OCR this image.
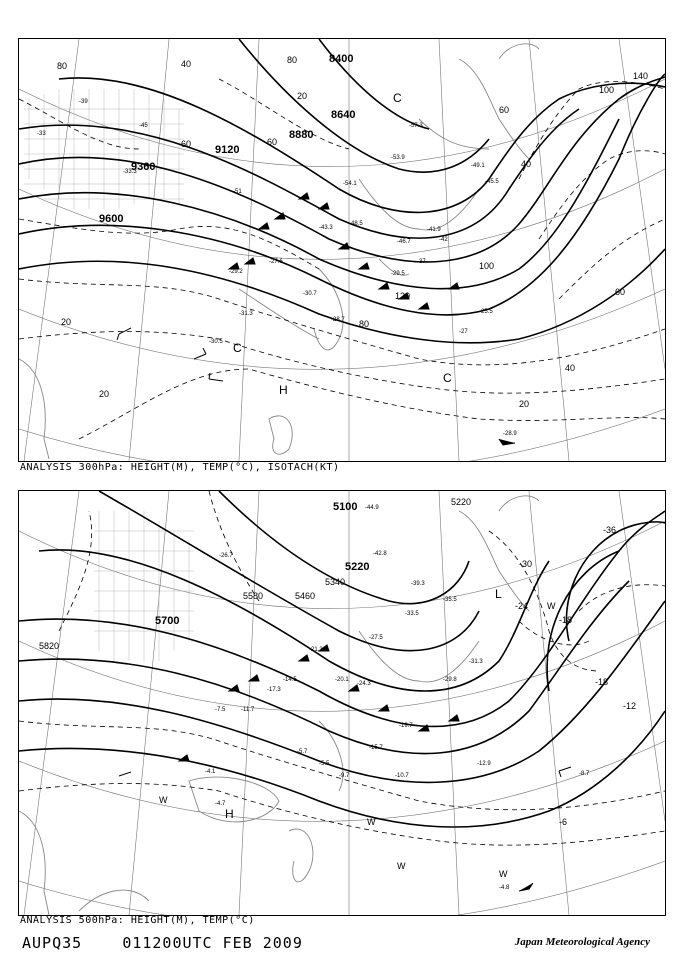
8400
8640
8880
9120
9360
9600
80
80
40
60	60
20
40
60
100
140
60
40
20
20
20
80
120
100
-33
-45
-51
-39
-57.3
-54.1
-53.9
-49.1
-48.5
-46.7
-45.5
-43.3
-42
-41.9
-37
-30.7
-29.5
-28.9
-28.7
-25.5
-31.3
-30.5
-29.2
-27
-27.6
-33.3
C
C
C
H
ANALYSIS 300hPa: HEIGHT(M), TEMP(°C), ISOTACH(KT)
5100
5220
5220
5340
5460
5580
5700
5820
-36
-30
-24
-18
-18
-12
-6
-44.9
-42.8
-39.3
-35.5
-33.5
-31.3
-29.8
-27.5
-26.7
-24.3
-21.3
-20.1
-19.7
-17.3
-15.7
-14.5
-12.9
-11.7
-10.7
-9.7	-8.7
-7.5
-5.7
-5.5
-4.8
-4.7
-4.1
L
H
W
W
W
W
W
ANALYSIS 500hPa: HEIGHT(M), TEMP(°C)
AUPQ35	011200UTC FEB 2009	Japan Meteorological Agency
